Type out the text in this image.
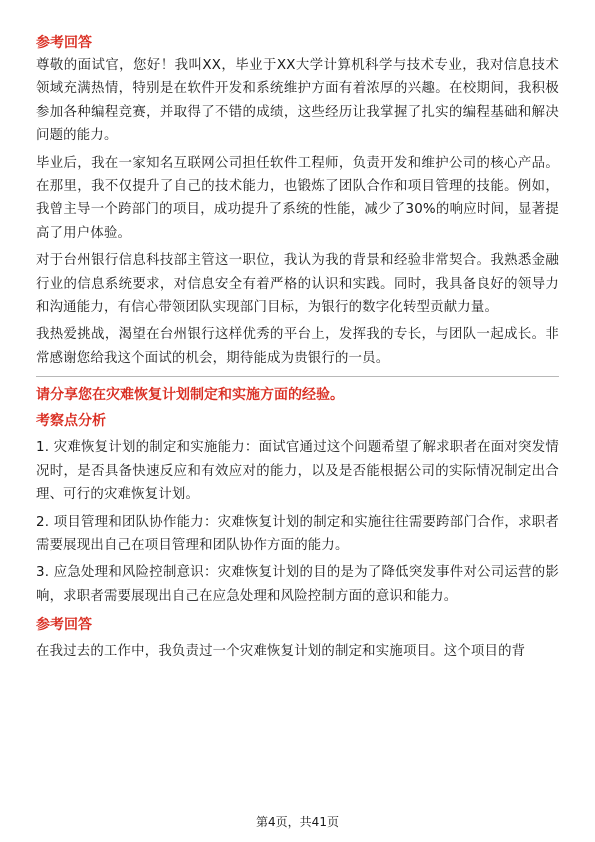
参考回答

尊敬的面试官，您好！我叫XX，毕业于XX大学计算机科学与技术专业，我对信息技术领域充满热情，特别是在软件开发和系统维护方面有着浓厚的兴趣。在校期间，我积极参加各种编程竞赛，并取得了不错的成绩，这些经历让我掌握了扎实的编程基础和解决问题的能力。

毕业后，我在一家知名互联网公司担任软件工程师，负责开发和维护公司的核心产品。在那里，我不仅提升了自己的技术能力，也锻炼了团队合作和项目管理的技能。例如，我曾主导一个跨部门的项目，成功提升了系统的性能，减少了30%的响应时间，显著提高了用户体验。

对于台州银行信息科技部主管这一职位，我认为我的背景和经验非常契合。我熟悉金融行业的信息系统要求，对信息安全有着严格的认识和实践。同时，我具备良好的领导力和沟通能力，有信心带领团队实现部门目标，为银行的数字化转型贡献力量。

我热爱挑战，渴望在台州银行这样优秀的平台上，发挥我的专长，与团队一起成长。非常感谢您给我这个面试的机会，期待能成为贵银行的一员。

请分享您在灾难恢复计划制定和实施方面的经验。

考察点分析

1. 灾难恢复计划的制定和实施能力：面试官通过这个问题希望了解求职者在面对突发情况时，是否具备快速反应和有效应对的能力，以及是否能根据公司的实际情况制定出合理、可行的灾难恢复计划。

2. 项目管理和团队协作能力：灾难恢复计划的制定和实施往往需要跨部门合作，求职者需要展现出自己在项目管理和团队协作方面的能力。

3. 应急处理和风险控制意识：灾难恢复计划的目的是为了降低突发事件对公司运营的影响，求职者需要展现出自己在应急处理和风险控制方面的意识和能力。

参考回答

在我过去的工作中，我负责过一个灾难恢复计划的制定和实施项目。这个项目的背

第4页，共41页
